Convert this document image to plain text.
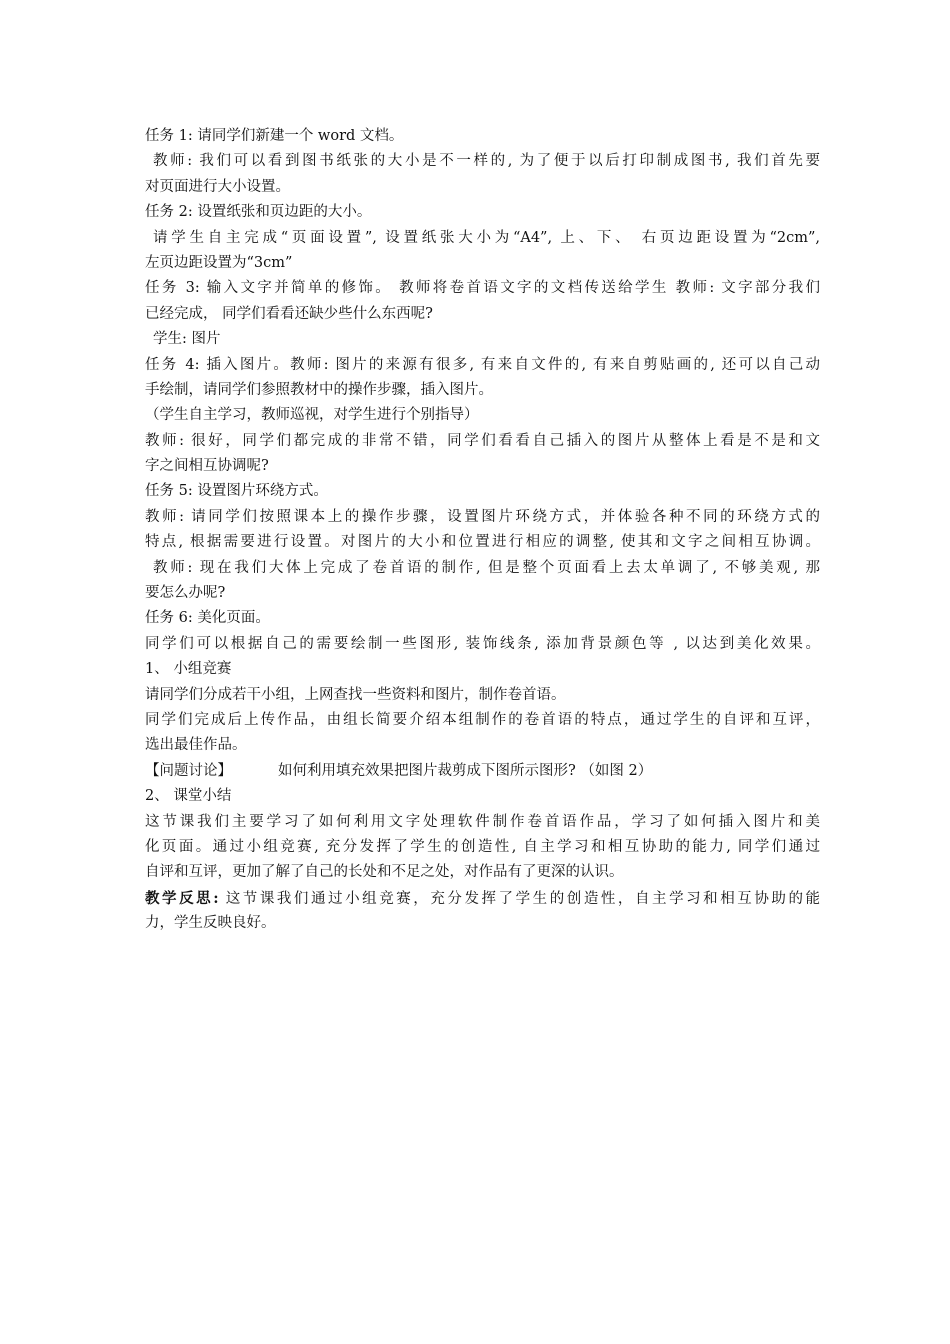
任务 1: 请同学们新建一个 word 文档。
教师: 我们可以看到图书纸张的大小是不一样的, 为了便于以后打印制成图书, 我们首先要
对页面进行大小设置。
任务 2: 设置纸张和页边距的大小。
请学生自主完成“页面设置”, 设置纸张大小为“A4”, 上、下、 右页边距设置为“2cm”,
左页边距设置为“3cm”
任务 3: 输入文字并简单的修饰。 教师将卷首语文字的文档传送给学生 教师: 文字部分我们
已经完成， 同学们看看还缺少些什么东西呢?
学生: 图片
任务 4: 插入图片。教师: 图片的来源有很多, 有来自文件的, 有来自剪贴画的, 还可以自己动
手绘制，请同学们参照教材中的操作步骤，插入图片。
（学生自主学习，教师巡视，对学生进行个别指导）
教师: 很好，同学们都完成的非常不错，同学们看看自己插入的图片从整体上看是不是和文
字之间相互协调呢?
任务 5: 设置图片环绕方式。
教师: 请同学们按照课本上的操作步骤，设置图片环绕方式，并体验各种不同的环绕方式的
特点, 根据需要进行设置。对图片的大小和位置进行相应的调整, 使其和文字之间相互协调。
教师: 现在我们大体上完成了卷首语的制作, 但是整个页面看上去太单调了, 不够美观, 那
要怎么办呢?
任务 6: 美化页面。
同学们可以根据自己的需要绘制一些图形, 装饰线条, 添加背景颜色等 , 以达到美化效果。
1、 小组竞赛
请同学们分成若干小组，上网查找一些资料和图片，制作卷首语。
同学们完成后上传作品，由组长简要介绍本组制作的卷首语的特点，通过学生的自评和互评，
选出最佳作品。
【问题讨论】	如何利用填充效果把图片裁剪成下图所示图形? （如图 2）
2、 课堂小结
这节课我们主要学习了如何利用文字处理软件制作卷首语作品，学习了如何插入图片和美
化页面。通过小组竞赛, 充分发挥了学生的创造性, 自主学习和相互协助的能力, 同学们通过
自评和互评，更加了解了自己的长处和不足之处，对作品有了更深的认识。
教学反思: 这节课我们通过小组竞赛，充分发挥了学生的创造性，自主学习和相互协助的能
力，学生反映良好。
